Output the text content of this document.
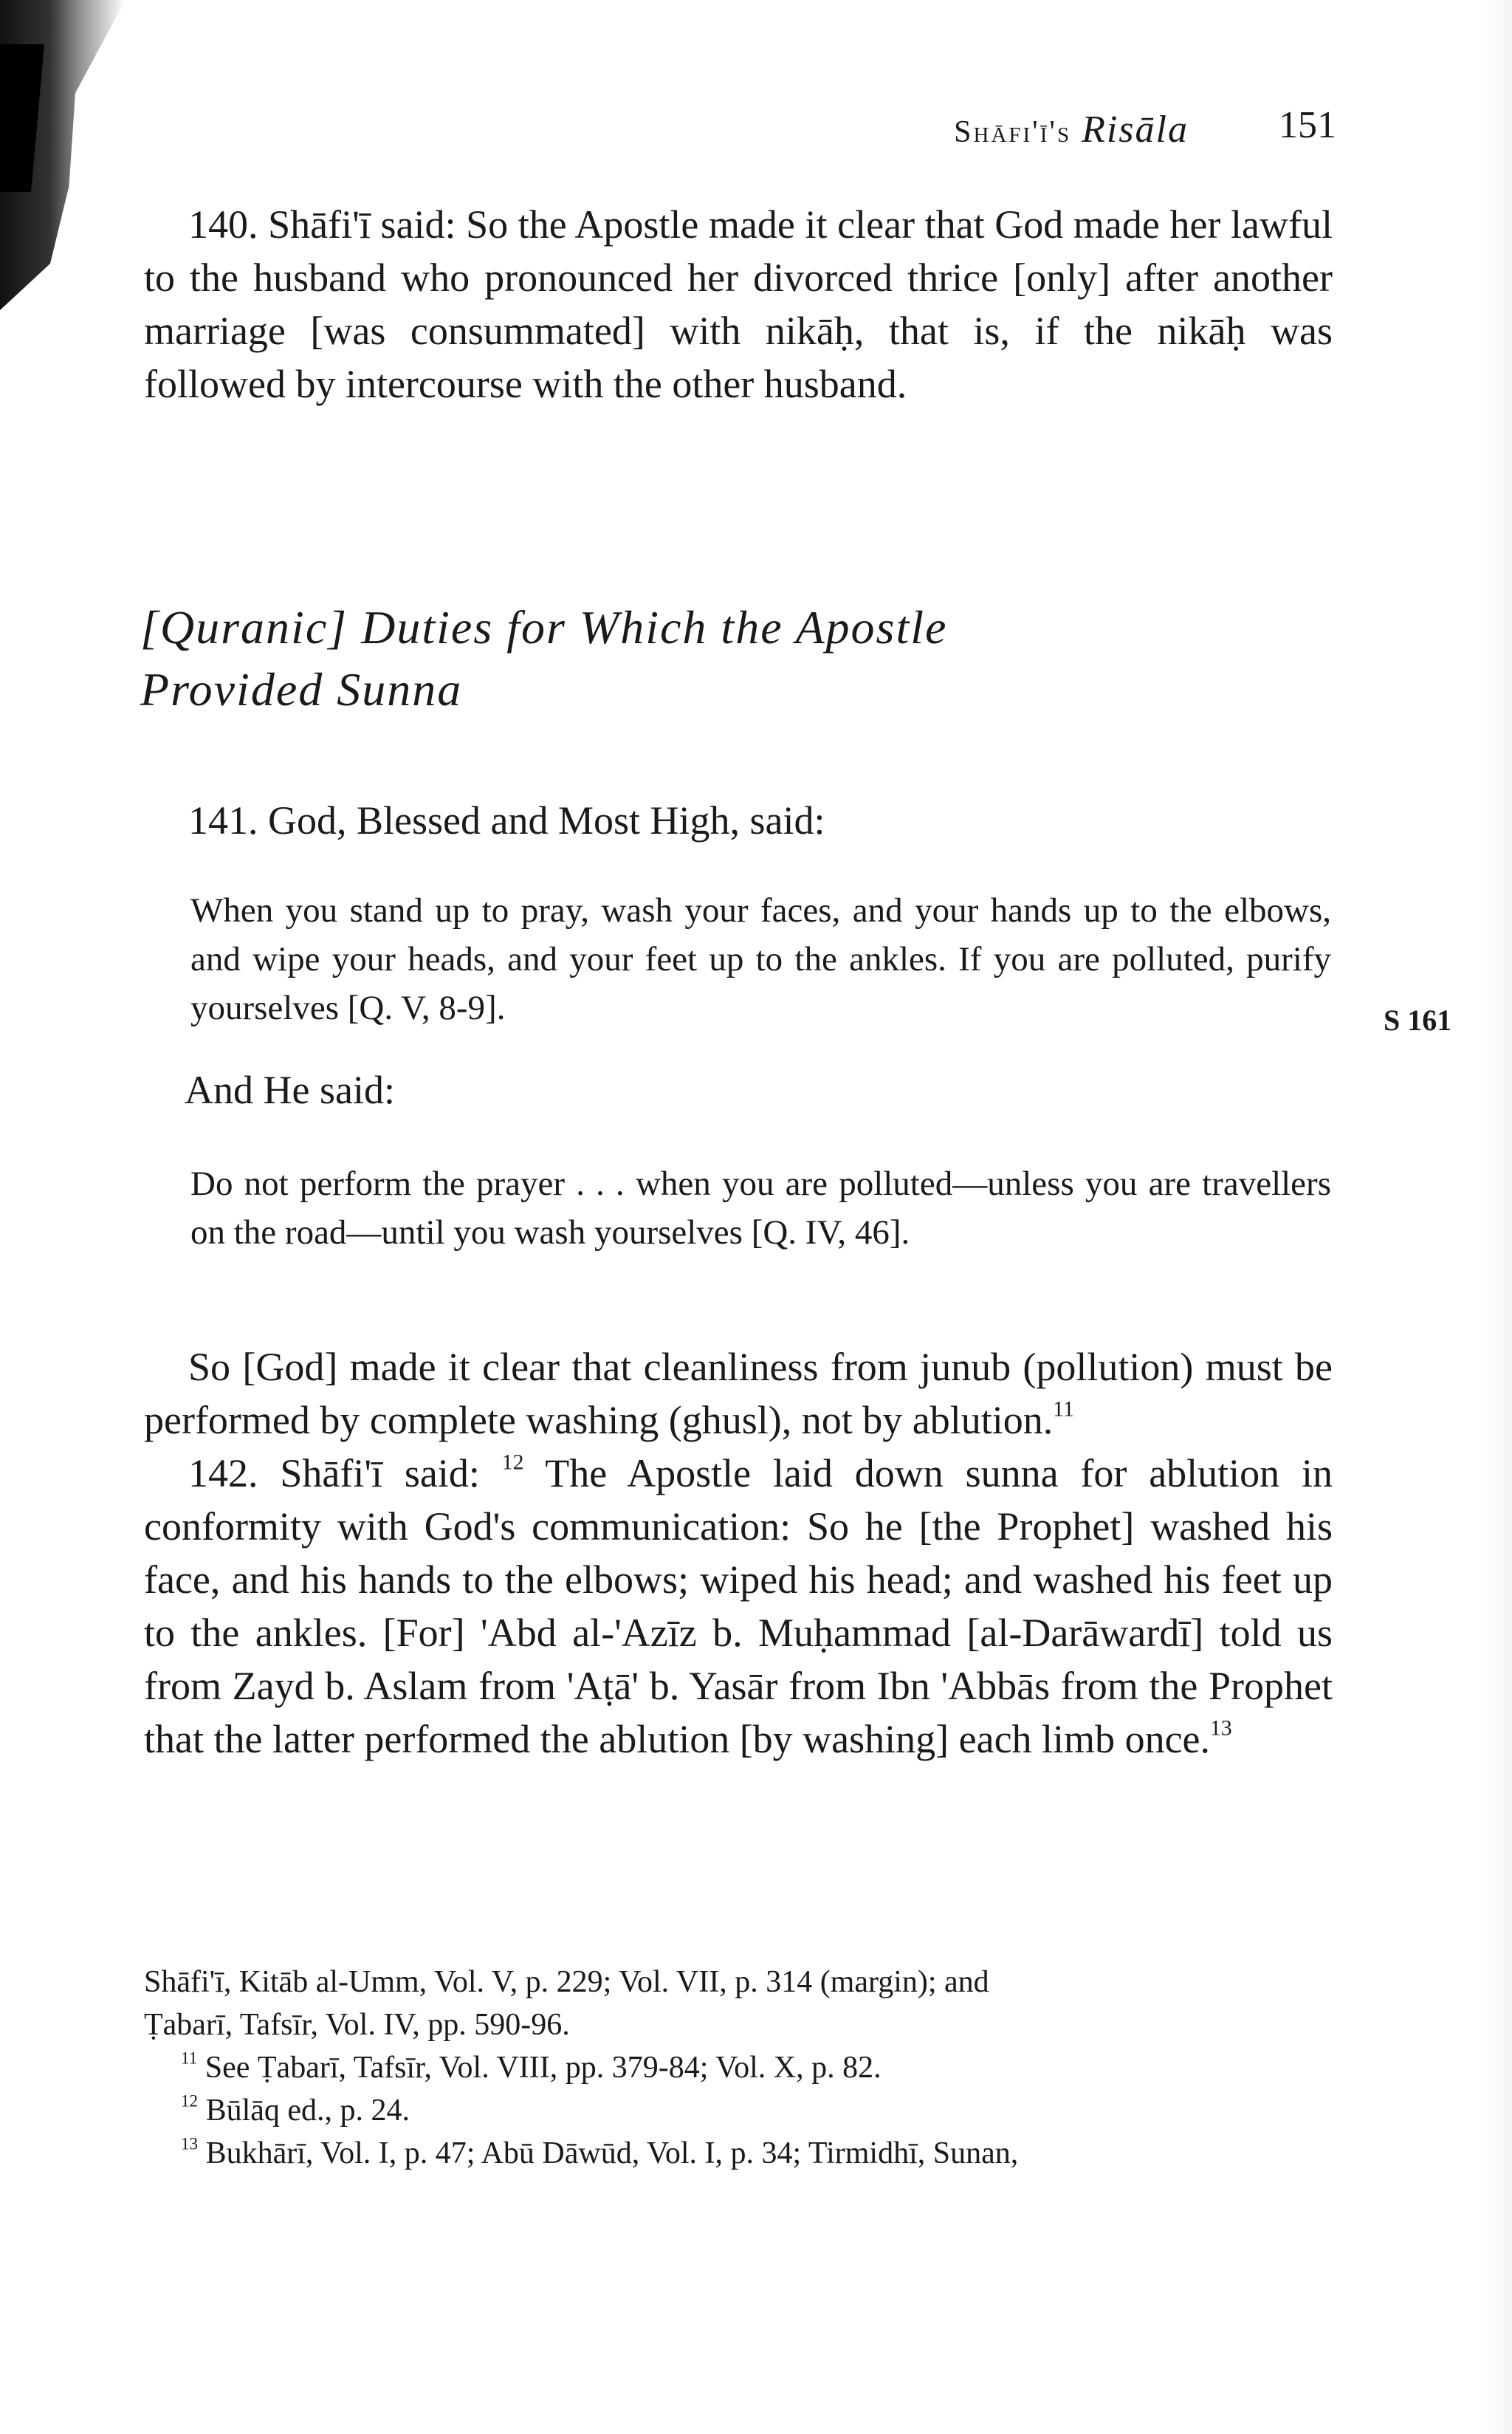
Shāfi'ī's Risāla 151
140. Shāfi'ī said: So the Apostle made it clear that God made her lawful to the husband who pronounced her divorced thrice [only] after another marriage [was consummated] with nikāḥ, that is, if the nikāḥ was followed by intercourse with the other husband.
[Quranic] Duties for Which the Apostle
Provided Sunna
141. God, Blessed and Most High, said:
When you stand up to pray, wash your faces, and your hands up to the elbows, and wipe your heads, and your feet up to the ankles. If you are polluted, purify yourselves [Q. V, 8-9].	S 161
And He said:
Do not perform the prayer . . . when you are polluted—unless you are travellers on the road—until you wash yourselves [Q. IV, 46].
So [God] made it clear that cleanliness from junub (pollution) must be performed by complete washing (ghusl), not by ablution.$^{11}$
142. Shāfi'ī said: $^{12}$ The Apostle laid down sunna for ablution in conformity with God's communication: So he [the Prophet] washed his face, and his hands to the elbows; wiped his head; and washed his feet up to the ankles. [For] 'Abd al-'Azīz b. Muḥammad [al-Darāwardī] told us from Zayd b. Aslam from 'Aṭā' b. Yasār from Ibn 'Abbās from the Prophet that the latter performed the ablution [by washing] each limb once.$^{13}$
Shāfi'ī, Kitāb al-Umm, Vol. V, p. 229; Vol. VII, p. 314 (margin); and
Ṭabarī, Tafsīr, Vol. IV, pp. 590-96.
$^{11}$ See Ṭabarī, Tafsīr, Vol. VIII, pp. 379-84; Vol. X, p. 82.
$^{12}$ Būlāq ed., p. 24.
$^{13}$ Bukhārī, Vol. I, p. 47; Abū Dāwūd, Vol. I, p. 34; Tirmidhī, Sunan,
